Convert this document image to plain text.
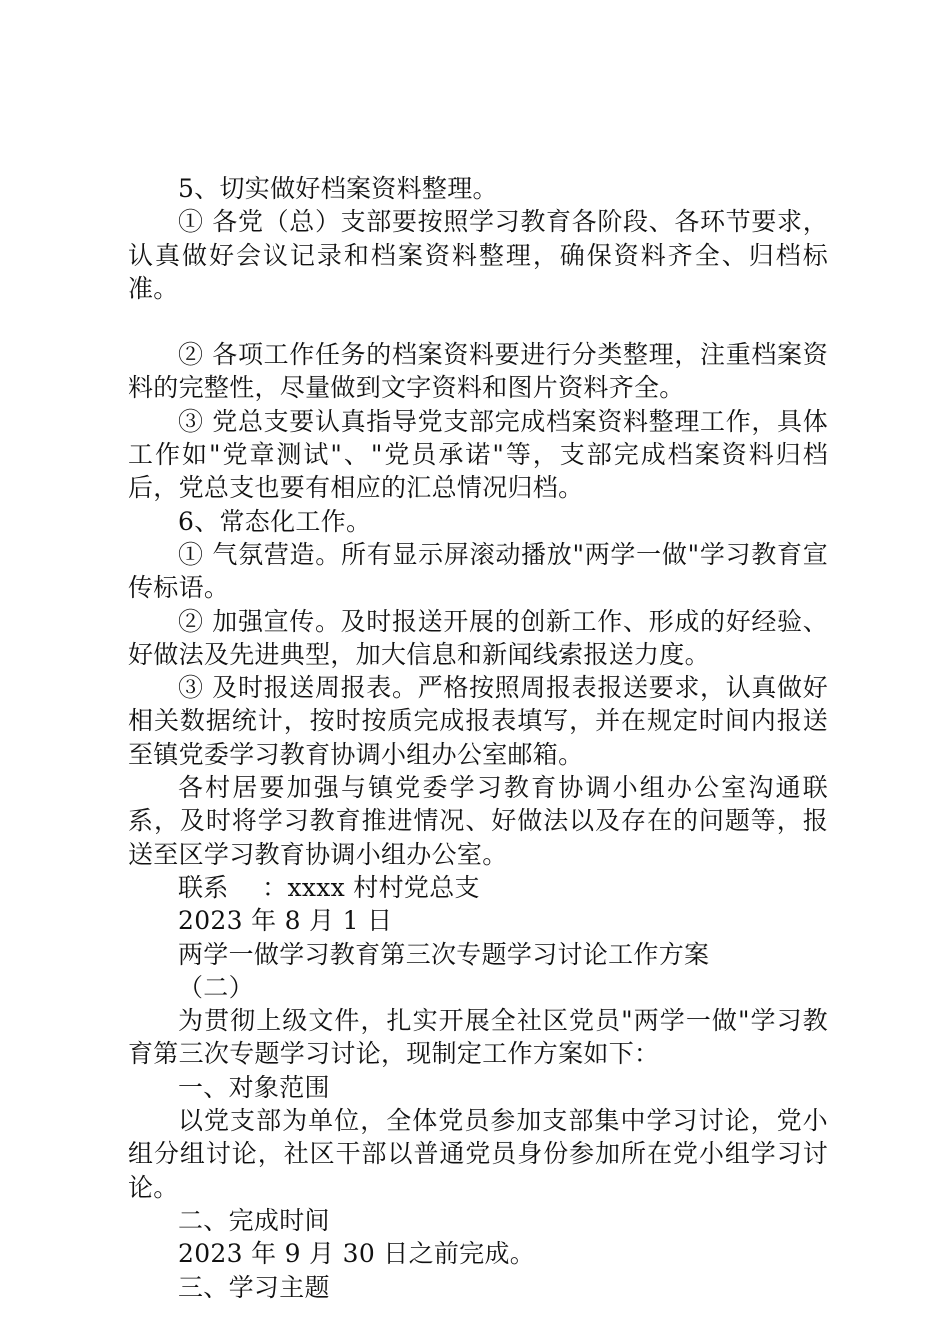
5、切实做好档案资料整理。

① 各党（总）支部要按照学习教育各阶段、各环节要求，认真做好会议记录和档案资料整理，确保资料齐全、归档标准。

② 各项工作任务的档案资料要进行分类整理，注重档案资料的完整性，尽量做到文字资料和图片资料齐全。

③ 党总支要认真指导党支部完成档案资料整理工作，具体工作如"党章测试"、"党员承诺"等，支部完成档案资料归档后，党总支也要有相应的汇总情况归档。

6、常态化工作。

① 气氛营造。所有显示屏滚动播放"两学一做"学习教育宣传标语。

② 加强宣传。及时报送开展的创新工作、形成的好经验、好做法及先进典型，加大信息和新闻线索报送力度。

③ 及时报送周报表。严格按照周报表报送要求，认真做好相关数据统计，按时按质完成报表填写，并在规定时间内报送至镇党委学习教育协调小组办公室邮箱。

各村居要加强与镇党委学习教育协调小组办公室沟通联系，及时将学习教育推进情况、好做法以及存在的问题等，报送至区学习教育协调小组办公室。

联系　 ：xxxx 村村党总支

2023 年 8 月 1 日

两学一做学习教育第三次专题学习讨论工作方案

（二）

为贯彻上级文件，扎实开展全社区党员"两学一做"学习教育第三次专题学习讨论，现制定工作方案如下：

一、对象范围

以党支部为单位，全体党员参加支部集中学习讨论，党小组分组讨论，社区干部以普通党员身份参加所在党小组学习讨论。

二、完成时间

2023 年 9 月 30 日之前完成。

三、学习主题
